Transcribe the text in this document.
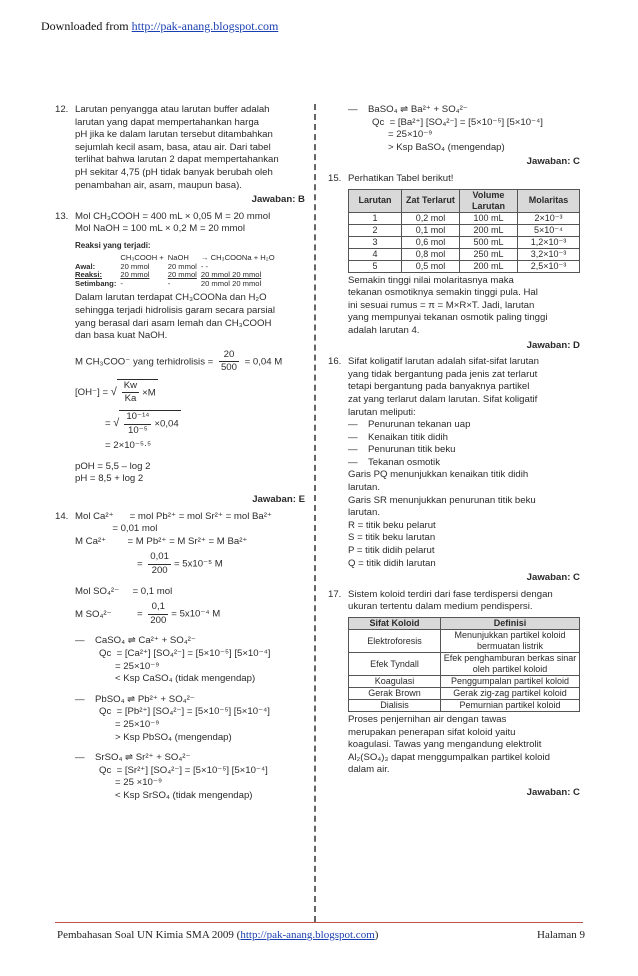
Downloaded from http://pak-anang.blogspot.com
12. Larutan penyangga atau larutan buffer adalah
larutan yang dapat mempertahankan harga
pH jika ke dalam larutan tersebut ditambahkan
sejumlah kecil asam, basa, atau air. Dari tabel
terlihat bahwa larutan 2 dapat mempertahankan
pH sekitar 4,75 (pH tidak banyak berubah oleh
penambahan air, asam, maupun basa).
Jawaban: B
13. Mol CH₃COOH = 400 mL × 0,05 M = 20 mmol
Mol NaOH = 100 mL × 0,2 M = 20 mmol
Reaksi yang terjadi:
	CH₃COOH +	NaOH	→ CH₃COONa + H₂O
Awal:	20 mmol	20 mmol	- -
Reaksi:	20 mmol	20 mmol	20 mmol 20 mmol
Setimbang:	-	-	20 mmol 20 mmol
Dalam larutan terdapat CH₃COONa dan H₂O
sehingga terjadi hidrolisis garam secara parsial
yang berasal dari asam lemah dan CH₃COOH
dan basa kuat NaOH.
M CH₃COO⁻ yang terhidrolisis = $\frac{20}{500} = 0,04$ M
[OH⁻] = √ $\frac{Kw}{Ka} \times M$
= √ $\frac{\text{10⁻¹⁴}}{\text{10⁻⁵}} \times 0,04$
= 2×10⁻⁵·⁵
pOH = 5,5 – log 2
pH = 8,5 + log 2
Jawaban: E
14. Mol Ca²⁺      = mol Pb²⁺ = mol Sr²⁺ = mol Ba²⁺
= 0,01 mol
M Ca²⁺        = M Pb²⁺ = M Sr²⁺ = M Ba²⁺
= $\frac{0,01}{200} = 5x10^{-5}$ M
Mol SO₄²⁻     = 0,1 mol
M SO₄²⁻	= $\frac{0,1}{200} = 5x10^{-4}$ M
— CaSO₄ ⇌ Ca²⁺ + SO₄²⁻
Qc  = [Ca²⁺] [SO₄²⁻] = [5×10⁻⁵] [5×10⁻⁴]
= 25×10⁻⁹
< Ksp CaSO₄ (tidak mengendap)
— PbSO₄ ⇌ Pb²⁺ + SO₄²⁻
Qc  = [Pb²⁺] [SO₄²⁻] = [5×10⁻⁵] [5×10⁻⁴]
= 25×10⁻⁹
> Ksp PbSO₄ (mengendap)
— SrSO₄ ⇌ Sr²⁺ + SO₄²⁻
Qc  = [Sr²⁺] [SO₄²⁻] = [5×10⁻⁵] [5×10⁻⁴]
= 25 ×10⁻⁹
< Ksp SrSO₄ (tidak mengendap)
— BaSO₄ ⇌ Ba²⁺ + SO₄²⁻
Qc  = [Ba²⁺] [SO₄²⁻] = [5×10⁻⁵] [5×10⁻⁴]
= 25×10⁻⁹
> Ksp BaSO₄ (mengendap)
Jawaban: C
15. Perhatikan Tabel berikut!
Larutan	Zat Terlarut	Volume Larutan	Molaritas
1	0,2 mol	100 mL	2×10⁻³
2	0,1 mol	200 mL	5×10⁻⁴
3	0,6 mol	500 mL	1,2×10⁻³
4	0,8 mol	250 mL	3,2×10⁻³
5	0,5 mol	200 mL	2,5×10⁻³
Semakin tinggi nilai molaritasnya maka
tekanan osmotiknya semakin tinggi pula. Hal
ini sesuai rumus = π = M×R×T. Jadi, larutan
yang mempunyai tekanan osmotik paling tinggi
adalah larutan 4.
Jawaban: D
16. Sifat koligatif larutan adalah sifat-sifat larutan
yang tidak bergantung pada jenis zat terlarut
tetapi bergantung pada banyaknya partikel
zat yang terlarut dalam larutan. Sifat koligatif
larutan meliputi:
— Penurunan tekanan uap
— Kenaikan titik didih
— Penurunan titik beku
— Tekanan osmotik
Garis PQ menunjukkan kenaikan titik didih
larutan.
Garis SR menunjukkan penurunan titik beku
larutan.
R = titik beku pelarut
S = titik beku larutan
P = titik didih pelarut
Q = titik didih larutan
Jawaban: C
17. Sistem koloid terdiri dari fase terdispersi dengan
ukuran tertentu dalam medium pendispersi.
Sifat Koloid	Definisi
Elektroforesis	Menunjukkan partikel koloid bermuatan listrik
Efek Tyndall	Efek penghamburan berkas sinar oleh partikel koloid
Koagulasi	Penggumpalan partikel koloid
Gerak Brown	Gerak zig-zag partikel koloid
Dialisis	Pemurnian partikel koloid
Proses penjernihan air dengan tawas
merupakan penerapan sifat koloid yaitu
koagulasi. Tawas yang mengandung elektrolit
Al₂(SO₄)₃ dapat menggumpalkan partikel koloid
dalam air.
Jawaban: C
Pembahasan Soal UN Kimia SMA 2009 (http://pak-anang.blogspot.com)	Halaman 9
